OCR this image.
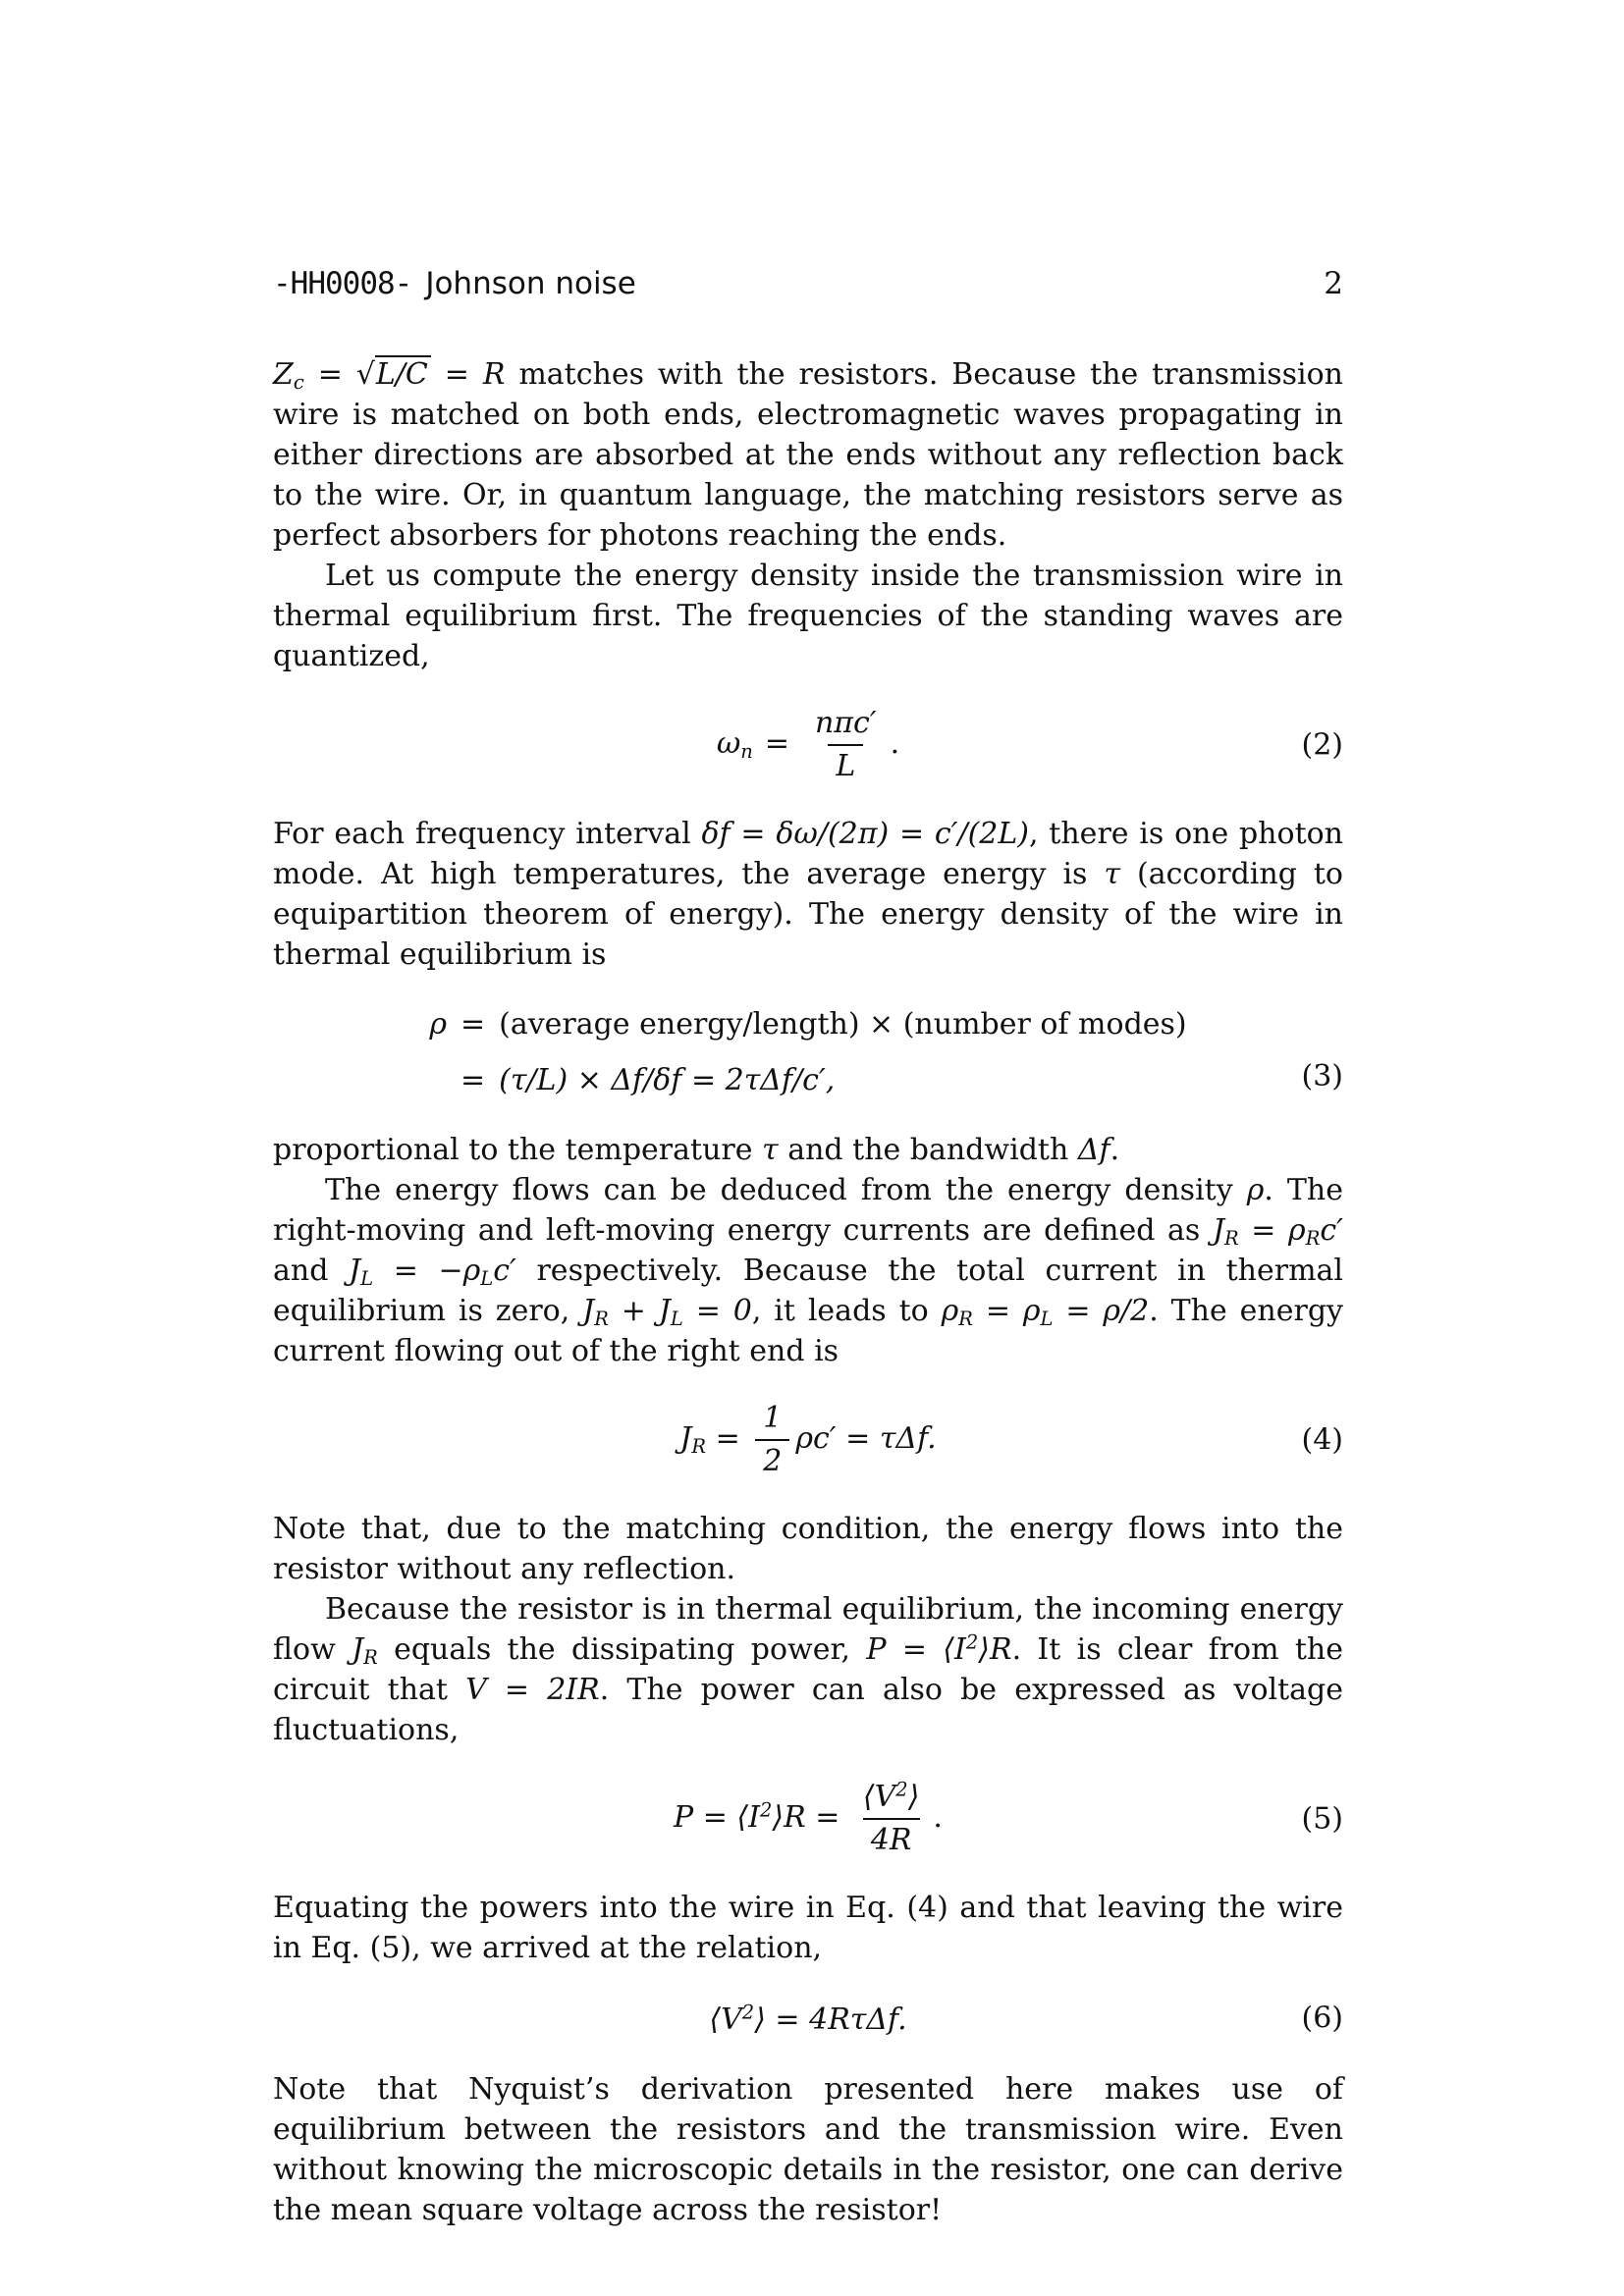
-HH0008- Johnson noise	2

$Z_c = √L/C = R$ matches with the resistors. Because the transmission wire is matched on both ends, electromagnetic waves propagating in either directions are absorbed at the ends without any reflection back to the wire. Or, in quantum language, the matching resistors serve as perfect absorbers for photons reaching the ends.

Let us compute the energy density inside the transmission wire in thermal equilibrium first. The frequencies of the standing waves are quantized,

$\omega_n = \frac{\text{nπc′}}{L}$ .	(2)

For each frequency interval δf = δω/(2π) = c′/(2L), there is one photon mode. At high temperatures, the average energy is τ (according to equipartition theorem of energy). The energy density of the wire in thermal equilibrium is

ρ = (average energy/length) × (number of modes)
= (τ/L) × Δf/δf = 2τΔf/c′,	(3)

proportional to the temperature τ and the bandwidth Δf.

The energy flows can be deduced from the energy density ρ. The right-moving and left-moving energy currents are defined as $J_R = \rho_Rc'$ and $J_L = -\rho_Lc'$ respectively. Because the total current in thermal equilibrium is zero, $J_R + J_L = 0$, it leads to $\rho_R = \rho_L = \rho/2$. The energy current flowing out of the right end is

$J_R = \frac{1}{2} \rho c' = \tau\Delta f$.	(4)

Note that, due to the matching condition, the energy flows into the resistor without any reflection.

Because the resistor is in thermal equilibrium, the incoming energy flow $J_R$ equals the dissipating power, $P = ⟨I^2⟩R$. It is clear from the circuit that V = 2IR. The power can also be expressed as voltage fluctuations,

$P = ⟨I^2⟩R = \frac{⟨V^2⟩}{4R}$ .	(5)

Equating the powers into the wire in Eq. (4) and that leaving the wire in Eq. (5), we arrived at the relation,

$⟨V^2⟩ = 4R\tau\Delta f$.	(6)

Note that Nyquist’s derivation presented here makes use of equilibrium between the resistors and the transmission wire. Even without knowing the microscopic details in the resistor, one can derive the mean square voltage across the resistor!
